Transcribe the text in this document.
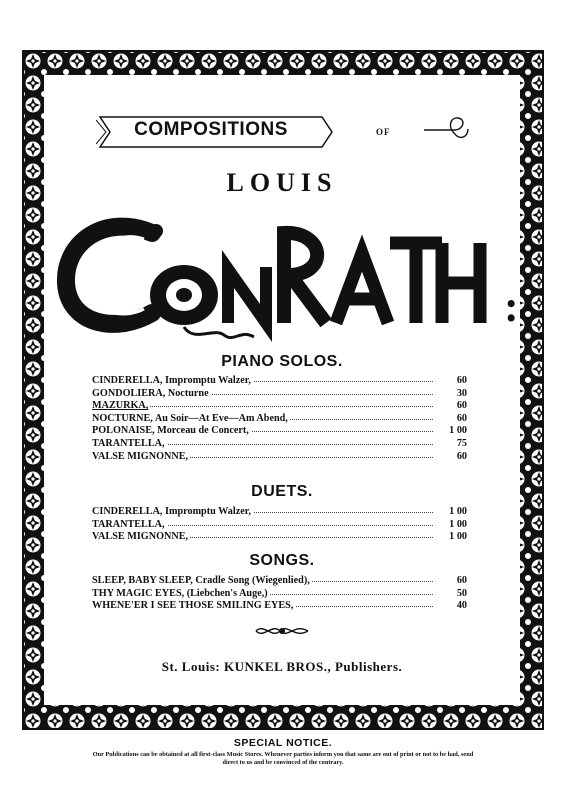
COMPOSITIONS	OF
LOUIS
:
PIANO SOLOS.
CINDERELLA, Impromptu Walzer,	60
GONDOLIERA, Nocturne	30
MAZURKA,	60
NOCTURNE, Au Soir—At Eve—Am Abend,	60
POLONAISE, Morceau de Concert,	1 00
TARANTELLA,	75
VALSE MIGNONNE,	60
DUETS.
CINDERELLA, Impromptu Walzer,	1 00
TARANTELLA,	1 00
VALSE MIGNONNE,	1 00
SONGS.
SLEEP, BABY SLEEP, Cradle Song (Wiegenlied),	60
THY MAGIC EYES, (Liebchen's Auge,)	50
WHENE'ER I SEE THOSE SMILING EYES,	40
St. Louis: KUNKEL BROS., Publishers.
SPECIAL NOTICE.
Our Publications can be obtained at all first-class Music Stores. Whenever parties inform you that same are out of print or not to be had, send direct to us and be convinced of the contrary.
